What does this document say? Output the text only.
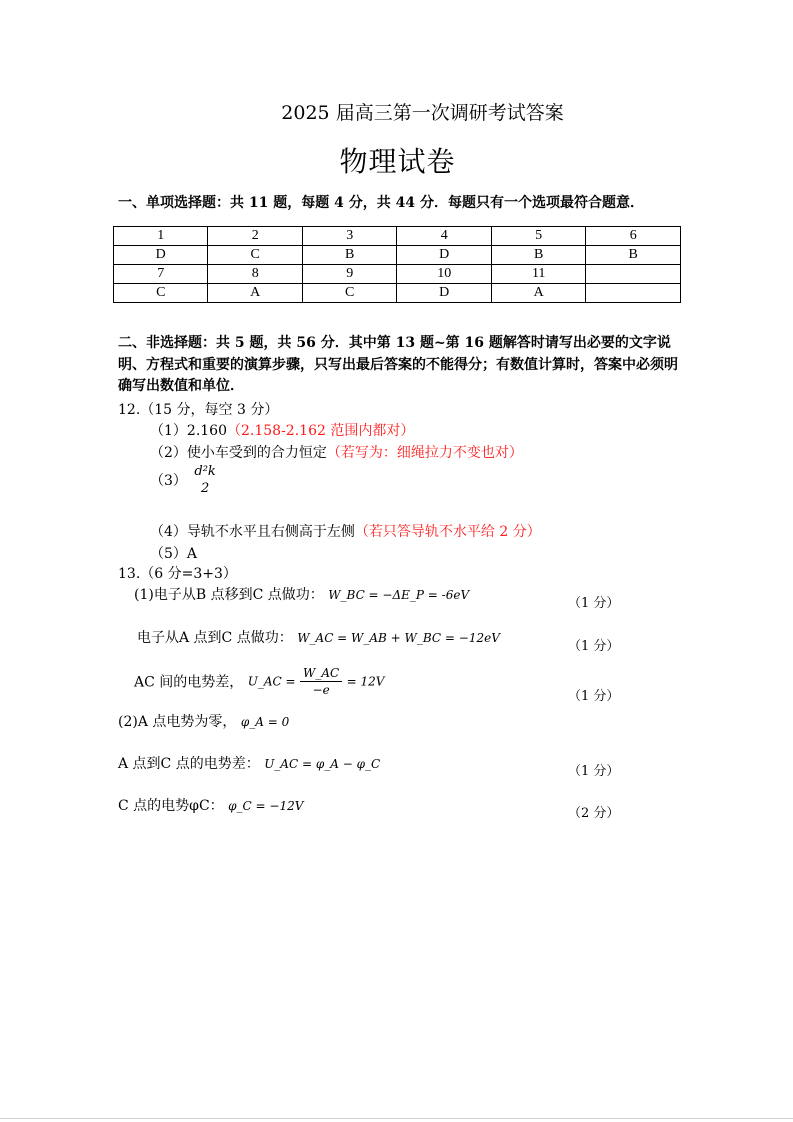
2025 届高三第一次调研考试答案
物理试卷
一、单项选择题：共 11 题，每题 4 分，共 44 分．每题只有一个选项最符合题意．
1	2	3	4	5	6
D	C	B	D	B	B
7	8	9	10	11	
C	A	C	D	A	
二、非选择题：共 5 题，共 56 分．其中第 13 题~第 16 题解答时请写出必要的文字说明、方程式和重要的演算步骤，只写出最后答案的不能得分；有数值计算时，答案中必须明确写出数值和单位．
12.（15 分，每空 3 分）
（1）2.160（2.158-2.162 范围内都对）
（2）使小车受到的合力恒定（若写为：细绳拉力不变也对）
（3）
d²k
2
（4）导轨不水平且右侧高于左侧（若只答导轨不水平给 2 分）
（5）A
13.（6 分=3+3）
(1)电子从B 点移到C 点做功： W_BC = −ΔE_P = -6eV
（1 分）
电子从A 点到C 点做功： W_AC = W_AB + W_BC = −12eV
（1 分）
AC 间的电势差， U_AC = $\frac{W\_AC}{-e} = 12V$
（1 分）
(2)A 点电势为零， φ_A = 0
A 点到C 点的电势差： U_AC = φ_A − φ_C	（1 分）
C 点的电势φC： φ_C = −12V	（2 分）
